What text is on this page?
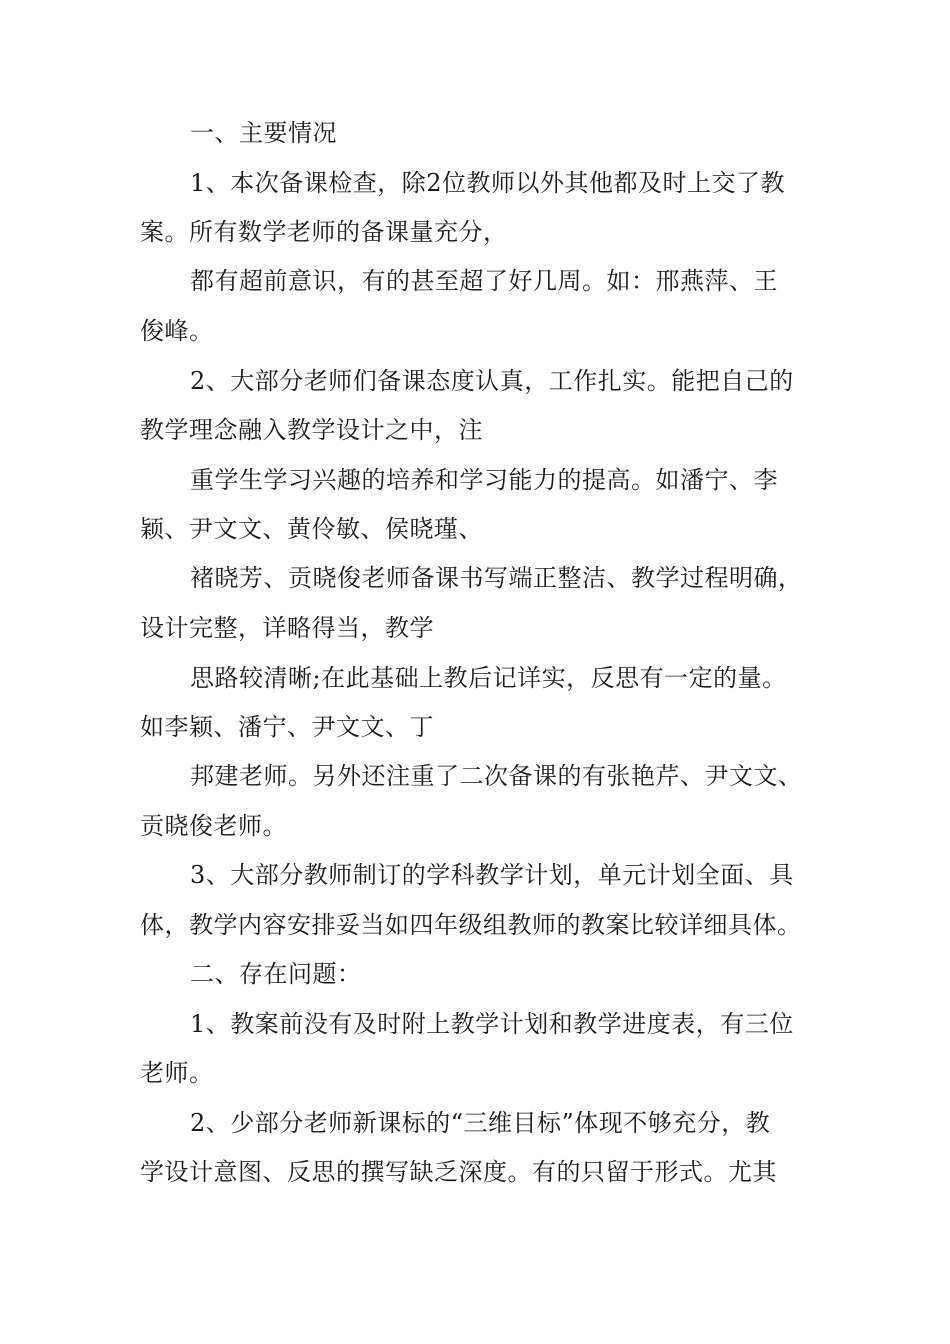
一、主要情况
1、本次备课检查，除2位教师以外其他都及时上交了教
案。所有数学老师的备课量充分，
都有超前意识，有的甚至超了好几周。如：邢燕萍、王
俊峰。
2、大部分老师们备课态度认真，工作扎实。能把自己的
教学理念融入教学设计之中，注
重学生学习兴趣的培养和学习能力的提高。如潘宁、李
颖、尹文文、黄伶敏、侯晓瑾、
褚晓芳、贡晓俊老师备课书写端正整洁、教学过程明确，
设计完整，详略得当，教学
思路较清晰;在此基础上教后记详实，反思有一定的量。
如李颖、潘宁、尹文文、丁
邦建老师。另外还注重了二次备课的有张艳芹、尹文文、
贡晓俊老师。
3、大部分教师制订的学科教学计划，单元计划全面、具
体，教学内容安排妥当如四年级组教师的教案比较详细具体。
二、存在问题：
1、教案前没有及时附上教学计划和教学进度表，有三位
老师。
2、少部分老师新课标的“三维目标”体现不够充分，教
学设计意图、反思的撰写缺乏深度。有的只留于形式。尤其
